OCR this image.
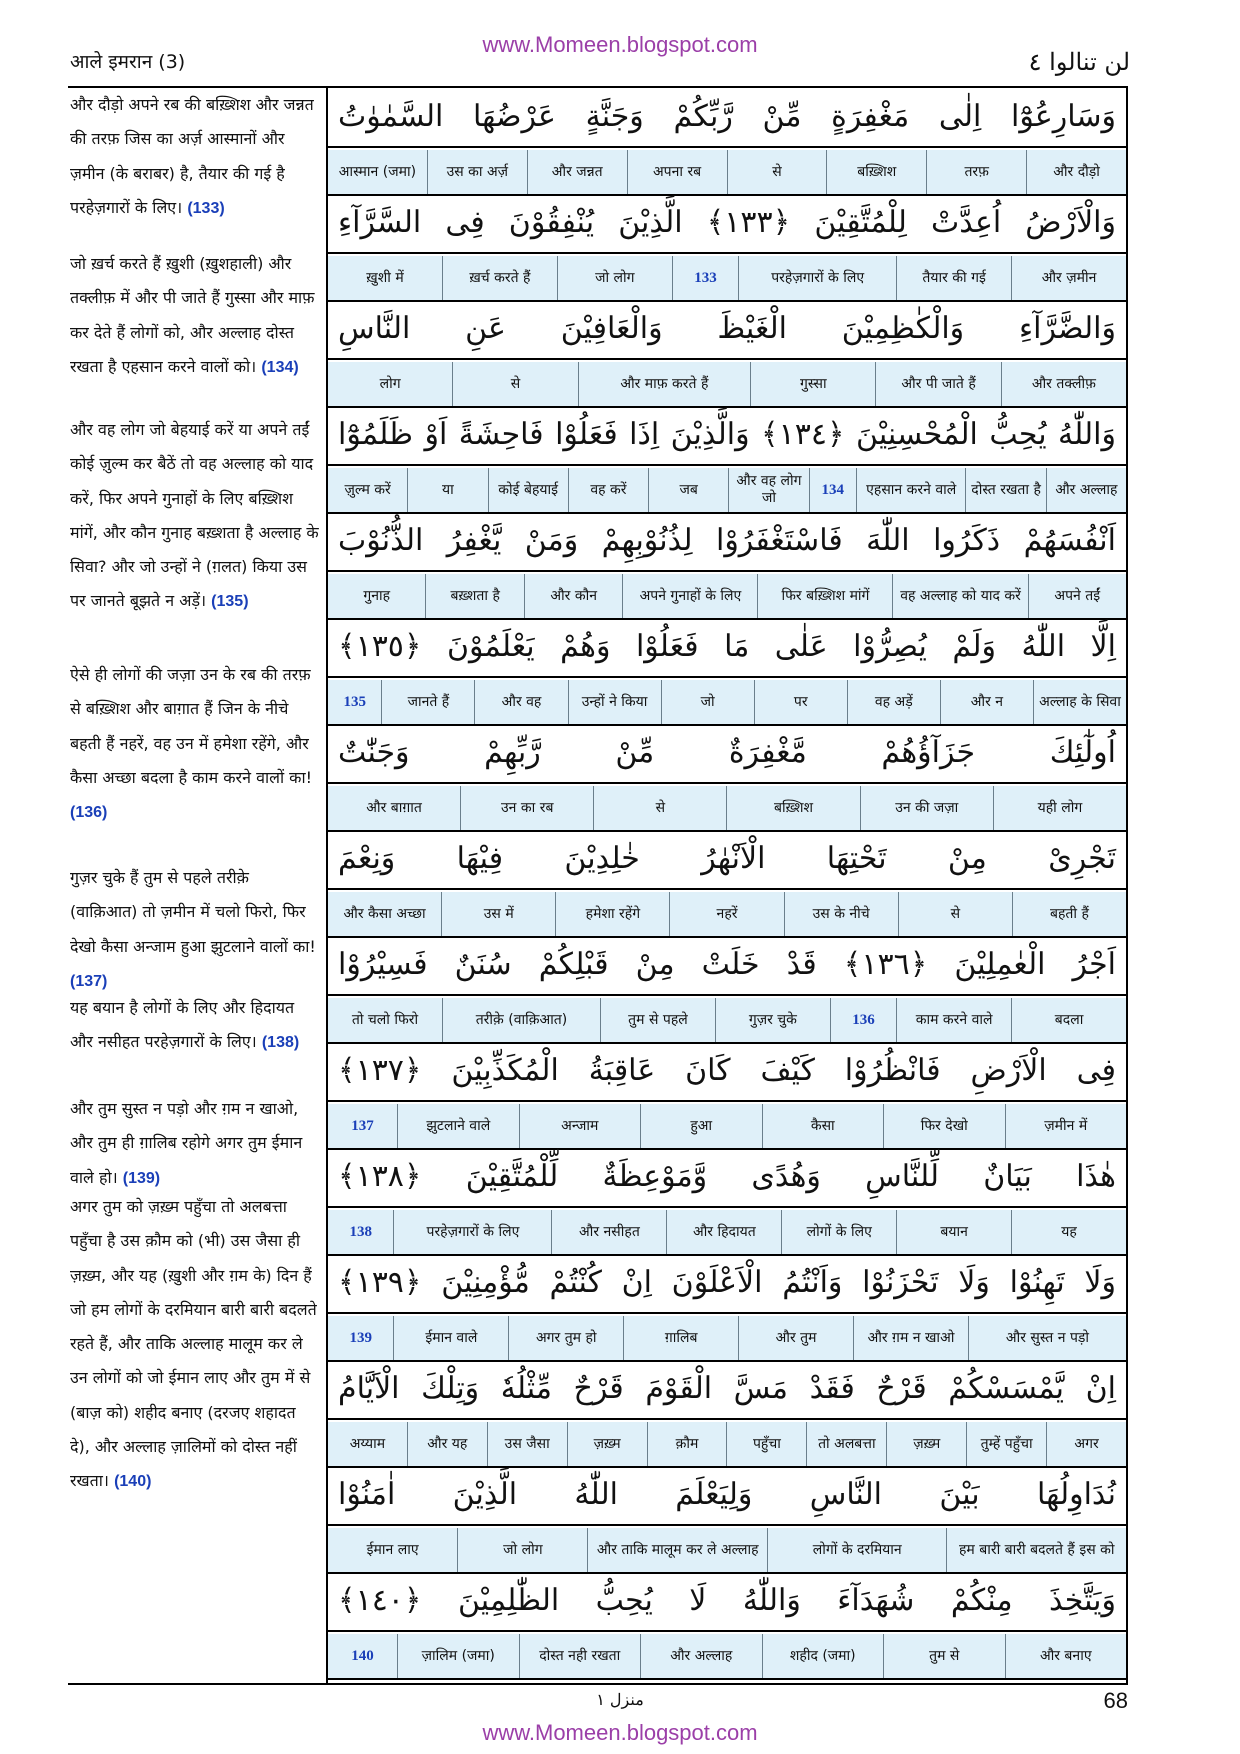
www.Momeen.blogspot.com
आले इमरान (3)	لن تنالوا ٤
और दौड़ो अपने रब की बख़्शिश और जन्नत की तरफ़ जिस का अर्ज़ आस्मानों और ज़मीन (के बराबर) है, तैयार की गई है परहेज़गारों के लिए। (133)
जो ख़र्च करते हैं ख़ुशी (ख़ुशहाली) और तक्लीफ़ में और पी जाते हैं गुस्सा और माफ़ कर देते हैं लोगों को, और अल्लाह दोस्त रखता है एहसान करने वालों को। (134)
और वह लोग जो बेहयाई करें या अपने तईं कोई ज़ुल्म कर बैठें तो वह अल्लाह को याद करें, फिर अपने गुनाहों के लिए बख़्शिश मांगें, और कौन गुनाह बख़्शता है अल्लाह के सिवा? और जो उन्हों ने (ग़लत) किया उस पर जानते बूझते न अड़ें। (135)
ऐसे ही लोगों की जज़ा उन के रब की तरफ़ से बख़्शिश और बाग़ात हैं जिन के नीचे बहती हैं नहरें, वह उन में हमेशा रहेंगे, और कैसा अच्छा बदला है काम करने वालों का! (136)
गुज़र चुके हैं तुम से पहले तरीक़े (वाक़िआत) तो ज़मीन में चलो फिरो, फिर देखो कैसा अन्जाम हुआ झुटलाने वालों का! (137)
यह बयान है लोगों के लिए और हिदायत और नसीहत परहेज़गारों के लिए। (138)
और तुम सुस्त न पड़ो और ग़म न खाओ, और तुम ही ग़ालिब रहोगे अगर तुम ईमान वाले हो। (139)
अगर तुम को ज़ख़्म पहुँचा तो अलबत्ता पहुँचा है उस क़ौम को (भी) उस जैसा ही ज़ख़्म, और यह (ख़ुशी और ग़म के) दिन हैं जो हम लोगों के दरमियान बारी बारी बदलते रहते हैं, और ताकि अल्लाह मालूम कर ले उन लोगों को जो ईमान लाए और तुम में से (बाज़ को) शहीद बनाए (दरजए शहादत दे), और अल्लाह ज़ालिमों को दोस्त नहीं रखता। (140)
وَسَارِعُوْٓا اِلٰى مَغْفِرَةٍ مِّنْ رَّبِّكُمْ وَجَنَّةٍ عَرْضُهَا السَّمٰوٰتُ
और दौड़ो
तरफ़
बख़्शिश
से
अपना रब
और जन्नत
उस का अर्ज़
आस्मान (जमा)
وَالْاَرْضُ اُعِدَّتْ لِلْمُتَّقِيْنَ ﴿١٣٣﴾ الَّذِيْنَ يُنْفِقُوْنَ فِى السَّرَّآءِ
और ज़मीन
तैयार की गई
परहेज़गारों के लिए
133
जो लोग
ख़र्च करते हैं
ख़ुशी में
وَالضَّرَّآءِ وَالْكٰظِمِيْنَ الْغَيْظَ وَالْعَافِيْنَ عَنِ النَّاسِ
और तक्लीफ़
और पी जाते हैं
गुस्सा
और माफ़ करते हैं
से
लोग
وَاللّٰهُ يُحِبُّ الْمُحْسِنِيْنَ ﴿١٣٤﴾ وَالَّذِيْنَ اِذَا فَعَلُوْا فَاحِشَةً اَوْ ظَلَمُوْٓا
और अल्लाह
दोस्त रखता है
एहसान करने वाले
134
और वह लोग जो
जब
वह करें
कोई बेहयाई
या
ज़ुल्म करें
اَنْفُسَهُمْ ذَكَرُوا اللّٰهَ فَاسْتَغْفَرُوْا لِذُنُوْبِهِمْ وَمَنْ يَّغْفِرُ الذُّنُوْبَ
अपने तईं
वह अल्लाह को याद करें
फिर बख़्शिश मांगें
अपने गुनाहों के लिए
और कौन
बख़्शता है
गुनाह
اِلَّا اللّٰهُ وَلَمْ يُصِرُّوْا عَلٰى مَا فَعَلُوْا وَهُمْ يَعْلَمُوْنَ ﴿١٣٥﴾
अल्लाह के सिवा
और न
वह अड़ें
पर
जो
उन्हों ने किया
और वह
जानते हैं
135
اُولٰٓئِكَ جَزَآؤُهُمْ مَّغْفِرَةٌ مِّنْ رَّبِّهِمْ وَجَنّٰتٌ
यही लोग
उन की जज़ा
बख़्शिश
से
उन का रब
और बाग़ात
تَجْرِىْ مِنْ تَحْتِهَا الْاَنْهٰرُ خٰلِدِيْنَ فِيْهَا وَنِعْمَ
बहती हैं
से
उस के नीचे
नहरें
हमेशा रहेंगे
उस में
और कैसा अच्छा
اَجْرُ الْعٰمِلِيْنَ ﴿١٣٦﴾ قَدْ خَلَتْ مِنْ قَبْلِكُمْ سُنَنٌ فَسِيْرُوْا
बदला
काम करने वाले
136
गुज़र चुके
तुम से पहले
तरीक़े (वाक़िआत)
तो चलो फिरो
فِى الْاَرْضِ فَانْظُرُوْا كَيْفَ كَانَ عَاقِبَةُ الْمُكَذِّبِيْنَ ﴿١٣٧﴾
ज़मीन में
फिर देखो
कैसा
हुआ
अन्जाम
झुटलाने वाले
137
هٰذَا بَيَانٌ لِّلنَّاسِ وَهُدًى وَّمَوْعِظَةٌ لِّلْمُتَّقِيْنَ ﴿١٣٨﴾
यह
बयान
लोगों के लिए
और हिदायत
और नसीहत
परहेज़गारों के लिए
138
وَلَا تَهِنُوْا وَلَا تَحْزَنُوْا وَاَنْتُمُ الْاَعْلَوْنَ اِنْ كُنْتُمْ مُّؤْمِنِيْنَ ﴿١٣٩﴾
और सुस्त न पड़ो
और ग़म न खाओ
और तुम
ग़ालिब
अगर तुम हो
ईमान वाले
139
اِنْ يَّمْسَسْكُمْ قَرْحٌ فَقَدْ مَسَّ الْقَوْمَ قَرْحٌ مِّثْلُهٗ وَتِلْكَ الْاَيَّامُ
अगर
तुम्हें पहुँचा
ज़ख़्म
तो अलबत्ता
पहुँचा
क़ौम
ज़ख़्म
उस जैसा
और यह
अय्याम
نُدَاوِلُهَا بَيْنَ النَّاسِ وَلِيَعْلَمَ اللّٰهُ الَّذِيْنَ اٰمَنُوْا
हम बारी बारी बदलते हैं इस को
लोगों के दरमियान
और ताकि मालूम कर ले अल्लाह
जो लोग
ईमान लाए
وَيَتَّخِذَ مِنْكُمْ شُهَدَآءَ وَاللّٰهُ لَا يُحِبُّ الظّٰلِمِيْنَ ﴿١٤٠﴾
और बनाए
तुम से
शहीद (जमा)
और अल्लाह
दोस्त नही रखता
ज़ालिम (जमा)
140
منزل ١	68
www.Momeen.blogspot.com
